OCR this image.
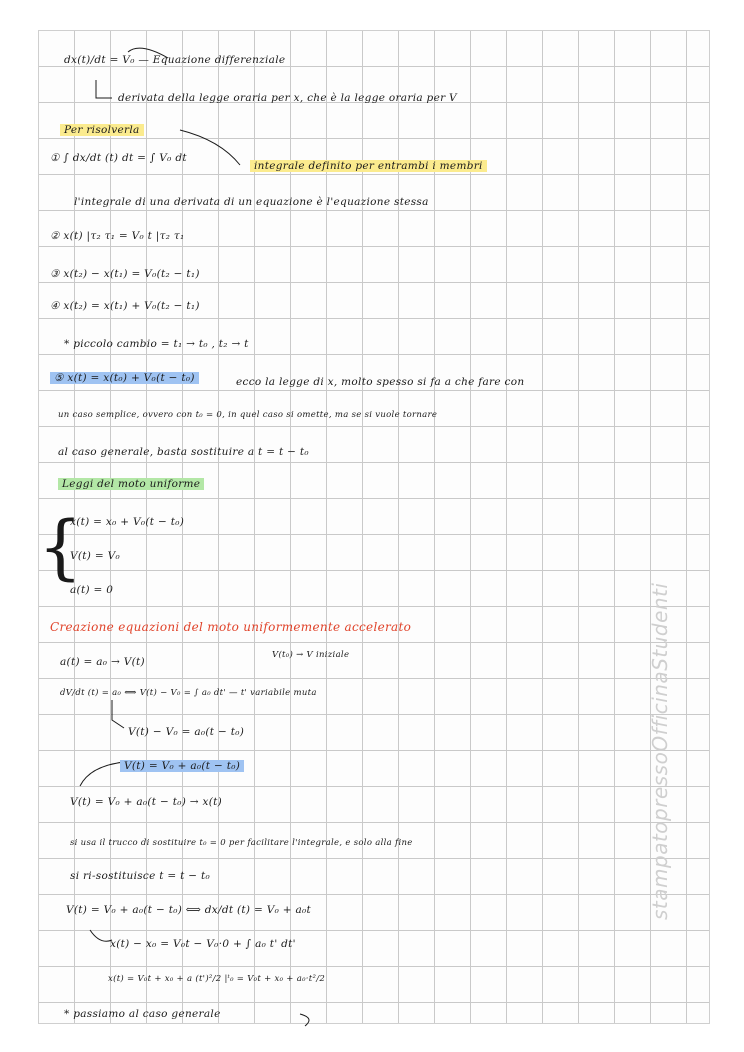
stampatopressoOfficinaStudenti
{
dx(t)/dt = V₀ — Equazione differenziale
derivata della legge oraria per x, che è la legge oraria per V
Per risolverla
① ∫ dx/dt (t) dt = ∫ V₀ dt
integrale definito per entrambi i membri
l'integrale di una derivata di un equazione è l'equazione stessa
② x(t) |τ₂ τ₁ = V₀ t |τ₂ τ₁
③ x(t₂) − x(t₁) = V₀(t₂ − t₁)
④ x(t₂) = x(t₁) + V₀(t₂ − t₁)
* piccolo cambio = t₁ → t₀ , t₂ → t
⑤ x(t) = x(t₀) + V₀(t − t₀)	ecco la legge di x, molto spesso si fa a che fare con
un caso semplice, ovvero con t₀ = 0, in quel caso si omette, ma se si vuole tornare
al caso generale, basta sostituire a t = t − t₀
Leggi del moto uniforme
x(t) = x₀ + V₀(t − t₀)
V(t) = V₀
a(t) = 0
Creazione equazioni del moto uniformemente accelerato
a(t) = a₀ → V(t)
V(t₀) → V iniziale
dV/dt (t) = a₀ ⟺ V(t) − V₀ = ∫ a₀ dt' — t' variabile muta
V(t) − V₀ = a₀(t − t₀)
V(t) = V₀ + a₀(t − t₀)
V(t) = V₀ + a₀(t − t₀) → x(t)
si usa il trucco di sostituire t₀ = 0 per facilitare l'integrale, e solo alla fine
si ri-sostituisce t = t − t₀
V(t) = V₀ + a₀(t − t₀) ⟺ dx/dt (t) = V₀ + a₀t
x(t) − x₀ = V₀t − V₀·0 + ∫ a₀ t' dt'
x(t) = V₀t + x₀ + a (t')²/2 |ᵗ₀ = V₀t + x₀ + a₀·t²/2
* passiamo al caso generale
